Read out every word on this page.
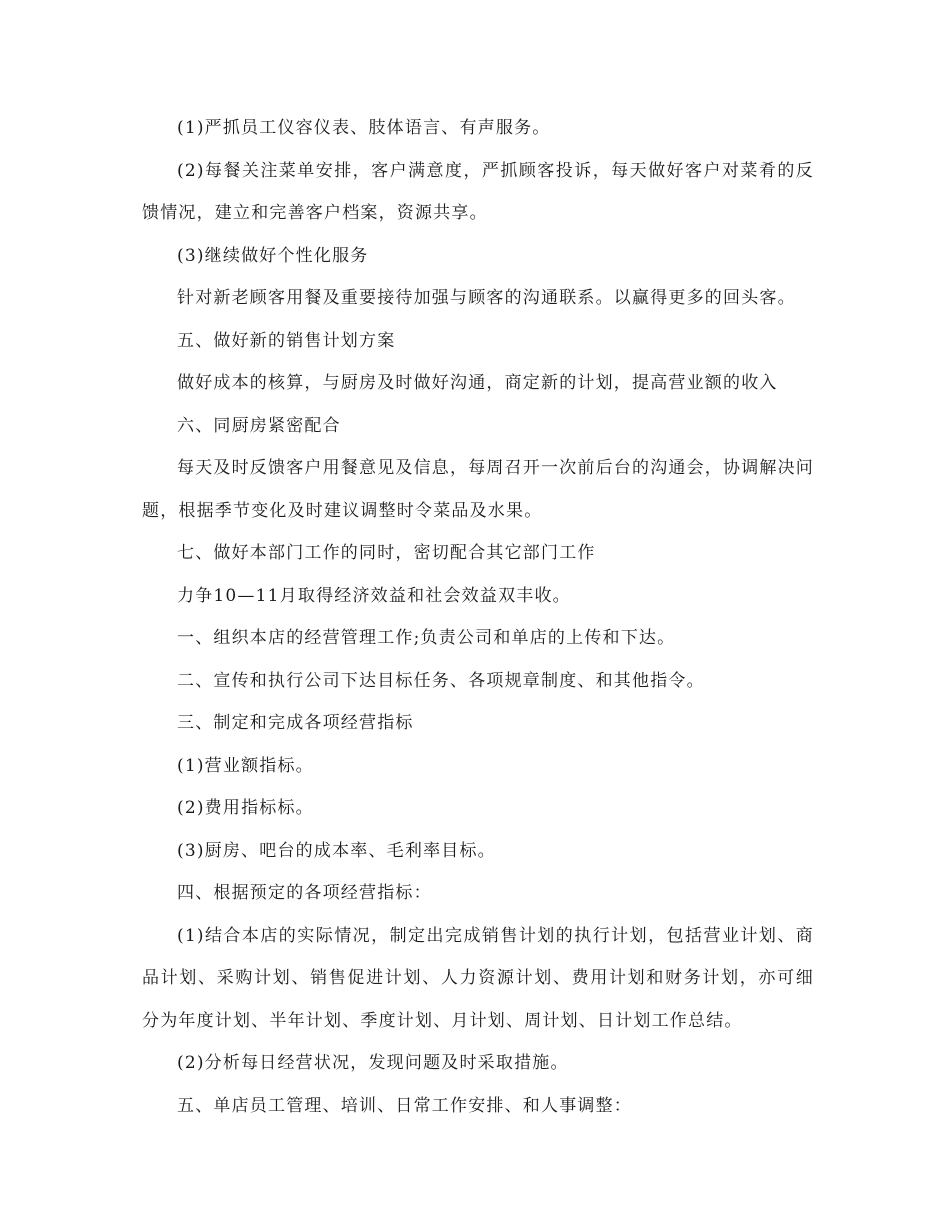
(1)严抓员工仪容仪表、肢体语言、有声服务。

(2)每餐关注菜单安排，客户满意度，严抓顾客投诉，每天做好客户对菜肴的反馈情况，建立和完善客户档案，资源共享。

(3)继续做好个性化服务

针对新老顾客用餐及重要接待加强与顾客的沟通联系。以赢得更多的回头客。

五、做好新的销售计划方案

做好成本的核算，与厨房及时做好沟通，商定新的计划，提高营业额的收入

六、同厨房紧密配合

每天及时反馈客户用餐意见及信息，每周召开一次前后台的沟通会，协调解决问题，根据季节变化及时建议调整时令菜品及水果。

七、做好本部门工作的同时，密切配合其它部门工作

力争10—11月取得经济效益和社会效益双丰收。

一、组织本店的经营管理工作;负责公司和单店的上传和下达。

二、宣传和执行公司下达目标任务、各项规章制度、和其他指令。

三、制定和完成各项经营指标

(1)营业额指标。

(2)费用指标标。

(3)厨房、吧台的成本率、毛利率目标。

四、根据预定的各项经营指标：

(1)结合本店的实际情况，制定出完成销售计划的执行计划，包括营业计划、商品计划、采购计划、销售促进计划、人力资源计划、费用计划和财务计划，亦可细分为年度计划、半年计划、季度计划、月计划、周计划、日计划工作总结。

(2)分析每日经营状况，发现问题及时采取措施。

五、单店员工管理、培训、日常工作安排、和人事调整：
